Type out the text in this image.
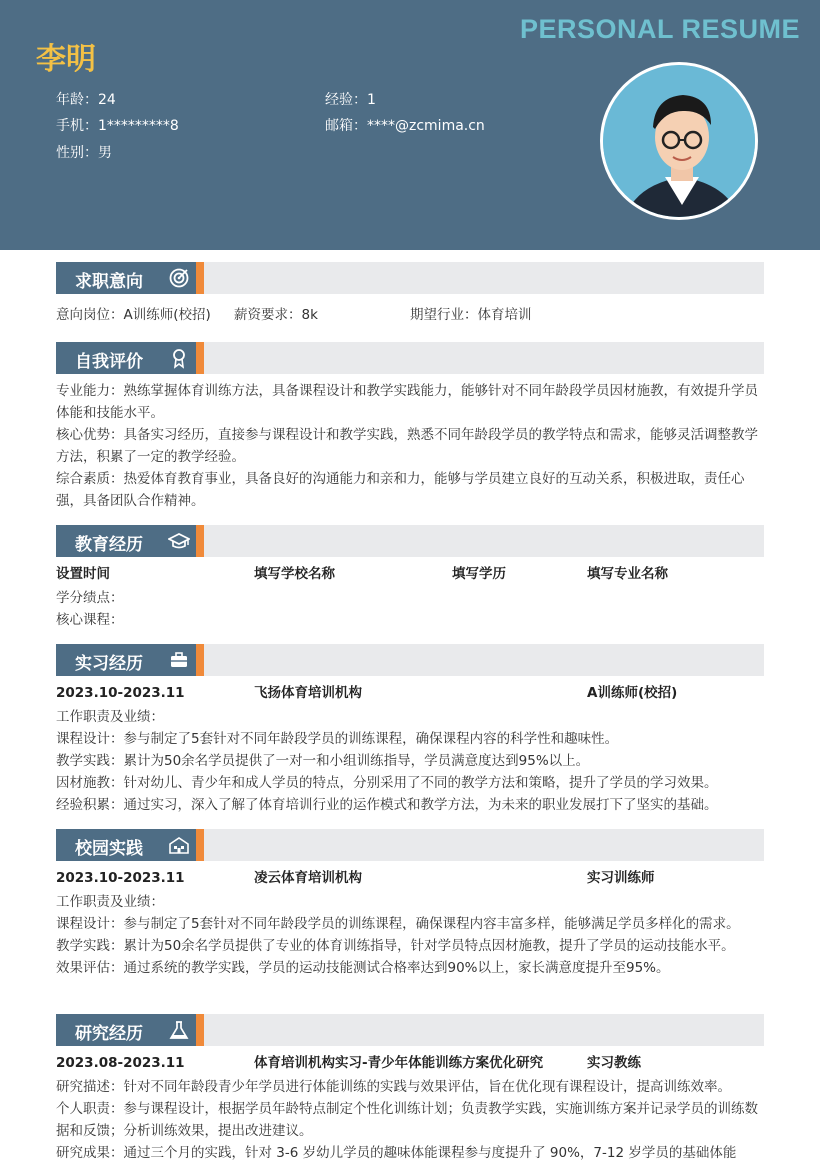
PERSONAL RESUME
李明
年龄：24	经验：1
手机：1*********8	邮箱：****@zcmima.cn
性别：男
求职意向
意向岗位：A训练师(校招) 薪资要求：8k	期望行业：体育培训
自我评价
专业能力：熟练掌握体育训练方法，具备课程设计和教学实践能力，能够针对不同年龄段学员因材施教，有效提升学员体能和技能水平。
核心优势：具备实习经历，直接参与课程设计和教学实践，熟悉不同年龄段学员的教学特点和需求，能够灵活调整教学方法，积累了一定的教学经验。
综合素质：热爱体育教育事业，具备良好的沟通能力和亲和力，能够与学员建立良好的互动关系，积极进取，责任心强，具备团队合作精神。
教育经历
设置时间	填写学校名称	填写学历	填写专业名称
学分绩点：
核心课程：
实习经历
2023.10-2023.11	飞扬体育培训机构	A训练师(校招)
工作职责及业绩：
课程设计：参与制定了5套针对不同年龄段学员的训练课程，确保课程内容的科学性和趣味性。
教学实践：累计为50余名学员提供了一对一和小组训练指导，学员满意度达到95%以上。
因材施教：针对幼儿、青少年和成人学员的特点，分别采用了不同的教学方法和策略，提升了学员的学习效果。
经验积累：通过实习，深入了解了体育培训行业的运作模式和教学方法，为未来的职业发展打下了坚实的基础。
校园实践
2023.10-2023.11	凌云体育培训机构	实习训练师
工作职责及业绩：
课程设计：参与制定了5套针对不同年龄段学员的训练课程，确保课程内容丰富多样，能够满足学员多样化的需求。
教学实践：累计为50余名学员提供了专业的体育训练指导，针对学员特点因材施教，提升了学员的运动技能水平。
效果评估：通过系统的教学实践，学员的运动技能测试合格率达到90%以上，家长满意度提升至95%。
研究经历
2023.08-2023.11	体育培训机构实习-青少年体能训练方案优化研究	实习教练
研究描述：针对不同年龄段青少年学员进行体能训练的实践与效果评估，旨在优化现有课程设计，提高训练效率。
个人职责：参与课程设计，根据学员年龄特点制定个性化训练计划；负责教学实践，实施训练方案并记录学员的训练数据和反馈；分析训练效果，提出改进建议。
研究成果：通过三个月的实践，针对 3-6 岁幼儿学员的趣味体能课程参与度提升了 90%，7-12 岁学员的基础体能
